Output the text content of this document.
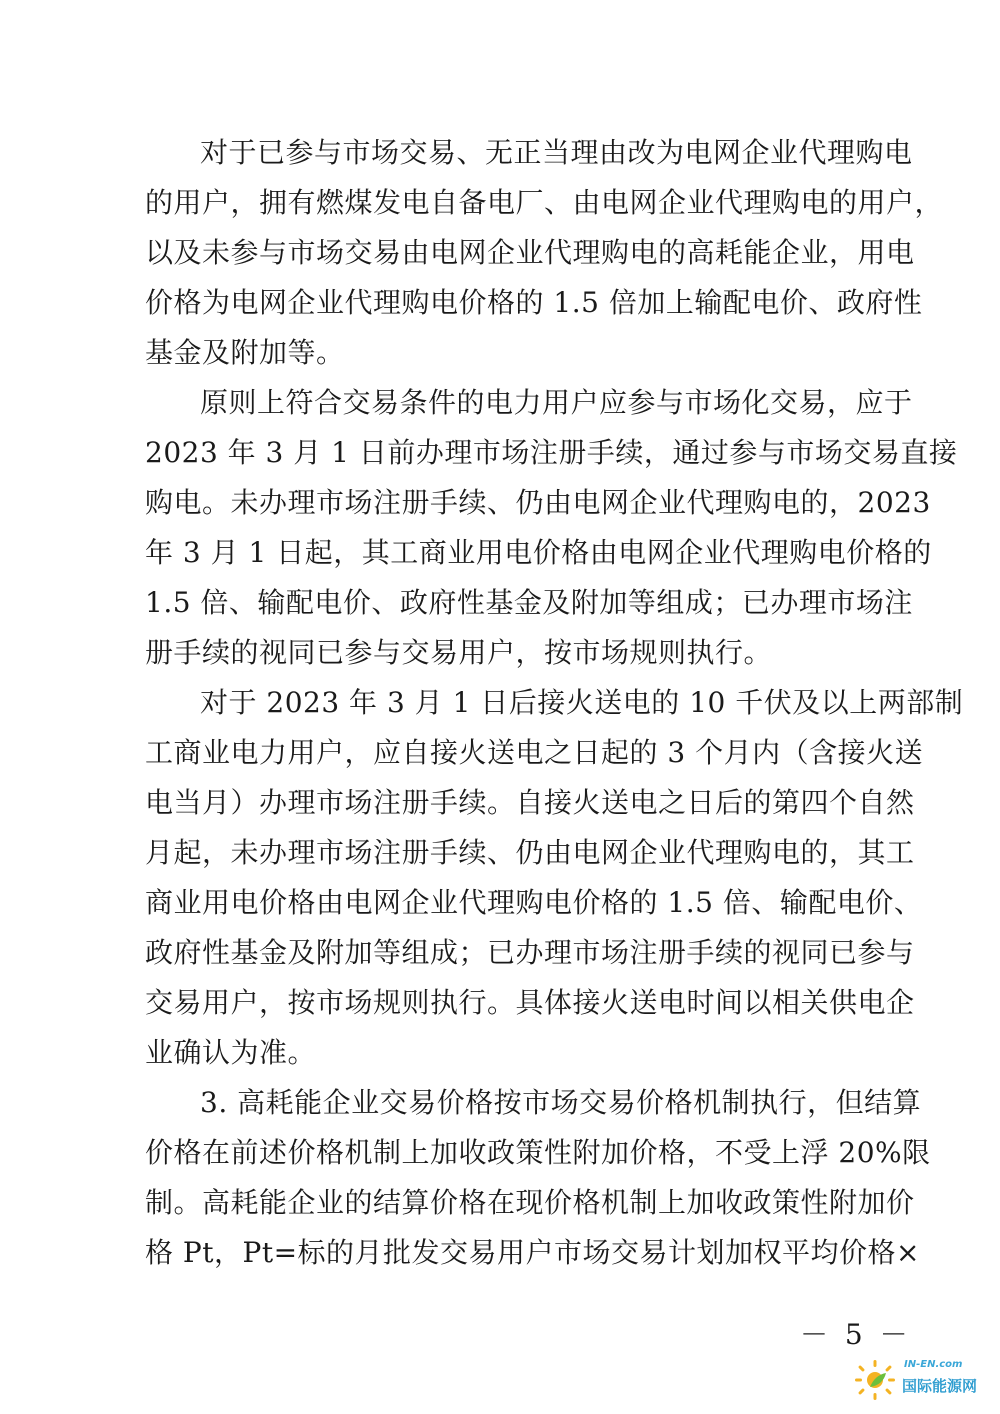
对于已参与市场交易、无正当理由改为电网企业代理购电
的用户，拥有燃煤发电自备电厂、由电网企业代理购电的用户，
以及未参与市场交易由电网企业代理购电的高耗能企业，用电
价格为电网企业代理购电价格的 1.5 倍加上输配电价、政府性
基金及附加等。
原则上符合交易条件的电力用户应参与市场化交易，应于
2023 年 3 月 1 日前办理市场注册手续，通过参与市场交易直接
购电。未办理市场注册手续、仍由电网企业代理购电的，2023
年 3 月 1 日起，其工商业用电价格由电网企业代理购电价格的
1.5 倍、输配电价、政府性基金及附加等组成；已办理市场注
册手续的视同已参与交易用户，按市场规则执行。
对于 2023 年 3 月 1 日后接火送电的 10 千伏及以上两部制
工商业电力用户，应自接火送电之日起的 3 个月内（含接火送
电当月）办理市场注册手续。自接火送电之日后的第四个自然
月起，未办理市场注册手续、仍由电网企业代理购电的，其工
商业用电价格由电网企业代理购电价格的 1.5 倍、输配电价、
政府性基金及附加等组成；已办理市场注册手续的视同已参与
交易用户，按市场规则执行。具体接火送电时间以相关供电企
业确认为准。
3. 高耗能企业交易价格按市场交易价格机制执行，但结算
价格在前述价格机制上加收政策性附加价格，不受上浮 20%限
制。高耗能企业的结算价格在现价格机制上加收政策性附加价
格 Pt，Pt=标的月批发交易用户市场交易计划加权平均价格×
－ 5 －
IN-EN.com
国际能源网
